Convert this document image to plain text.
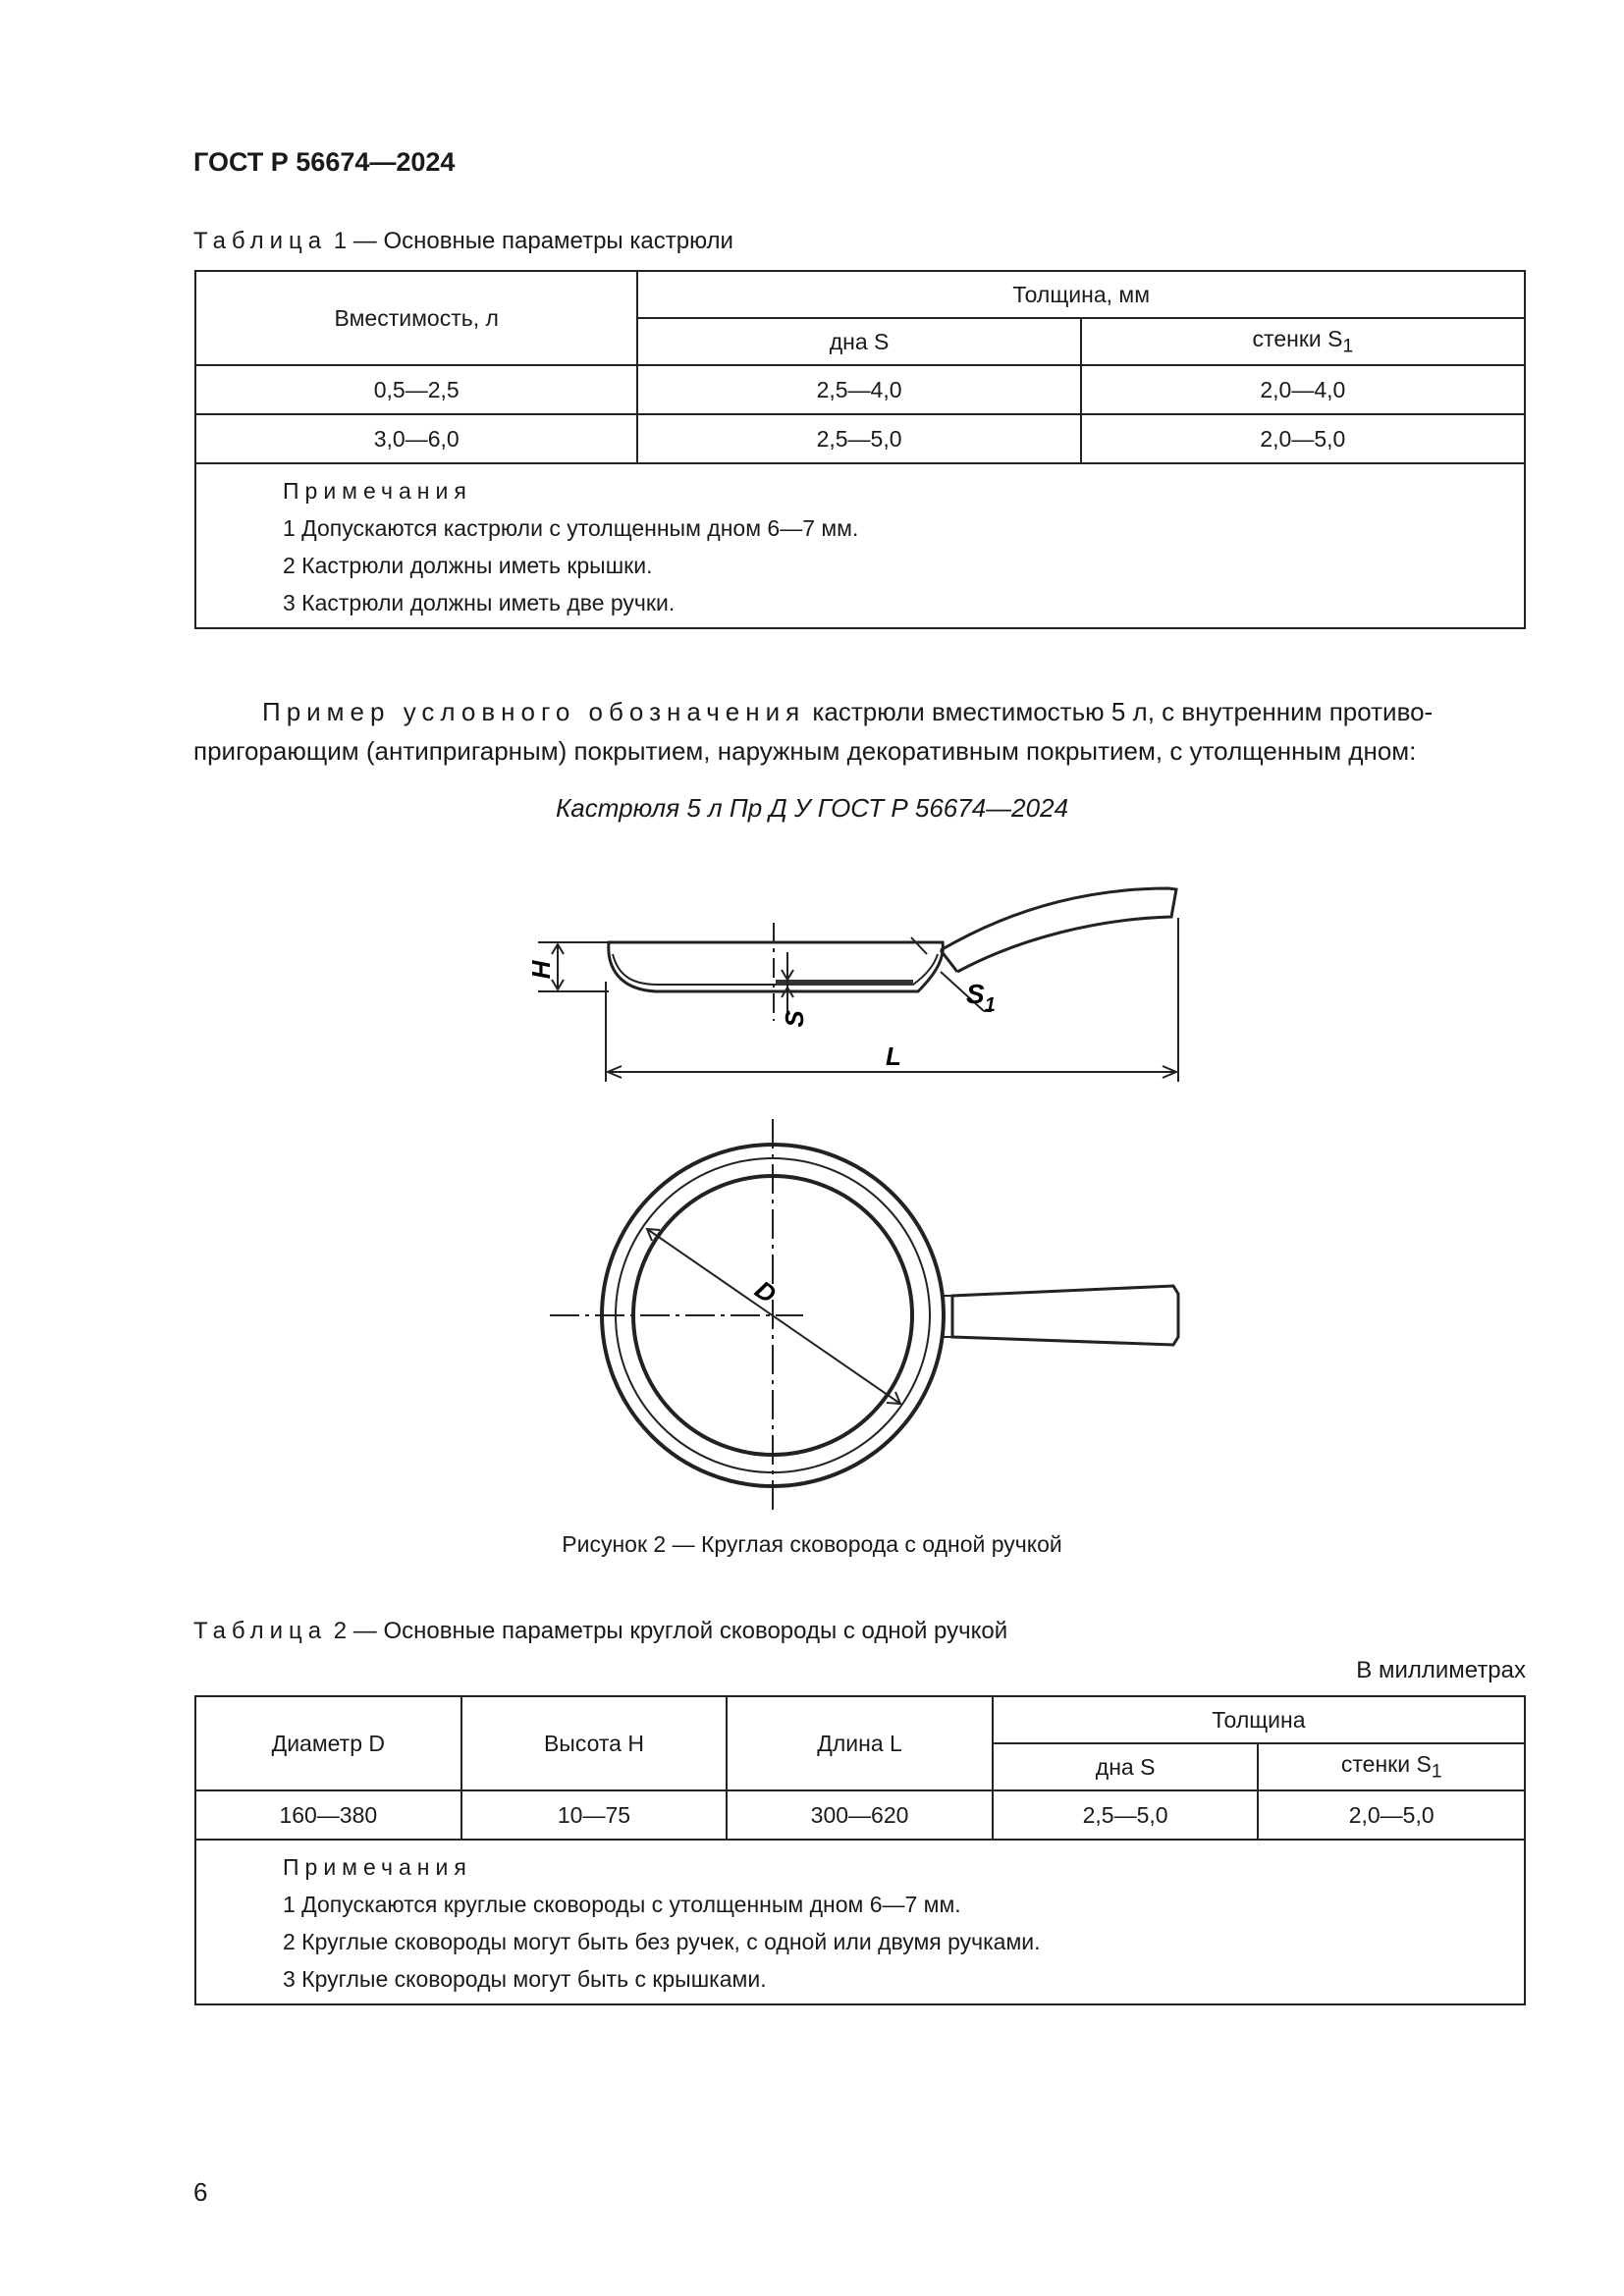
ГОСТ Р 56674—2024
Таблица 1 — Основные параметры кастрюли
Вместимость, л	Толщина, мм	
	дна S	стенки $S_1$
0,5—2,5	2,5—4,0	2,0—4,0
3,0—6,0	2,5—5,0	2,0—5,0

Примечания
1 Допускаются кастрюли с утолщенным дном 6—7 мм.
2 Кастрюли должны иметь крышки.
3 Кастрюли должны иметь две ручки.		
Пример условного обозначения кастрюли вместимостью 5 л, с внутренним противо-
пригорающим (антипригарным) покрытием, наружным декоративным покрытием, с утолщенным дном:
Кастрюля 5 л Пр Д У ГОСТ Р 56674—2024
H
S
$S_1$
L
D
Рисунок 2 — Круглая сковорода с одной ручкой
Таблица 2 — Основные параметры круглой сковороды с одной ручкой
В миллиметрах
Диаметр D	Высота H	Длина L	Толщина	
			дна S	стенки $S_1$
160—380	10—75	300—620	2,5—5,0	2,0—5,0

Примечания
1 Допускаются круглые сковороды с утолщенным дном 6—7 мм.
2 Круглые сковороды могут быть без ручек, с одной или двумя ручками.
3 Круглые сковороды могут быть с крышками.				
6
